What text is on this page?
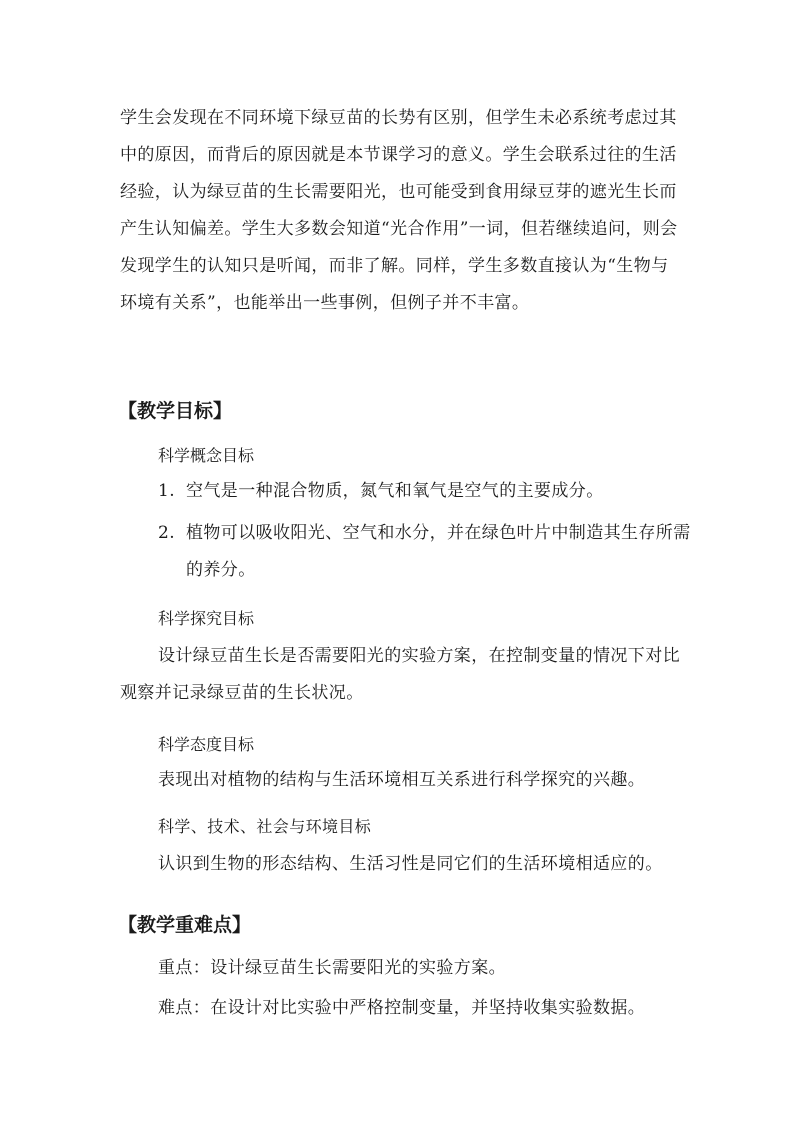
学生会发现在不同环境下绿豆苗的长势有区别，但学生未必系统考虑过其中的原因，而背后的原因就是本节课学习的意义。学生会联系过往的生活经验，认为绿豆苗的生长需要阳光，也可能受到食用绿豆芽的遮光生长而产生认知偏差。学生大多数会知道“光合作用”一词，但若继续追问，则会发现学生的认知只是听闻，而非了解。同样，学生多数直接认为“生物与环境有关系”，也能举出一些事例，但例子并不丰富。

【教学目标】

科学概念目标

1. 空气是一种混合物质，氮气和氧气是空气的主要成分。
2. 植物可以吸收阳光、空气和水分，并在绿色叶片中制造其生存所需的养分。

科学探究目标

设计绿豆苗生长是否需要阳光的实验方案，在控制变量的情况下对比观察并记录绿豆苗的生长状况。

科学态度目标

表现出对植物的结构与生活环境相互关系进行科学探究的兴趣。

科学、技术、社会与环境目标

认识到生物的形态结构、生活习性是同它们的生活环境相适应的。

【教学重难点】

重点：设计绿豆苗生长需要阳光的实验方案。

难点：在设计对比实验中严格控制变量，并坚持收集实验数据。
